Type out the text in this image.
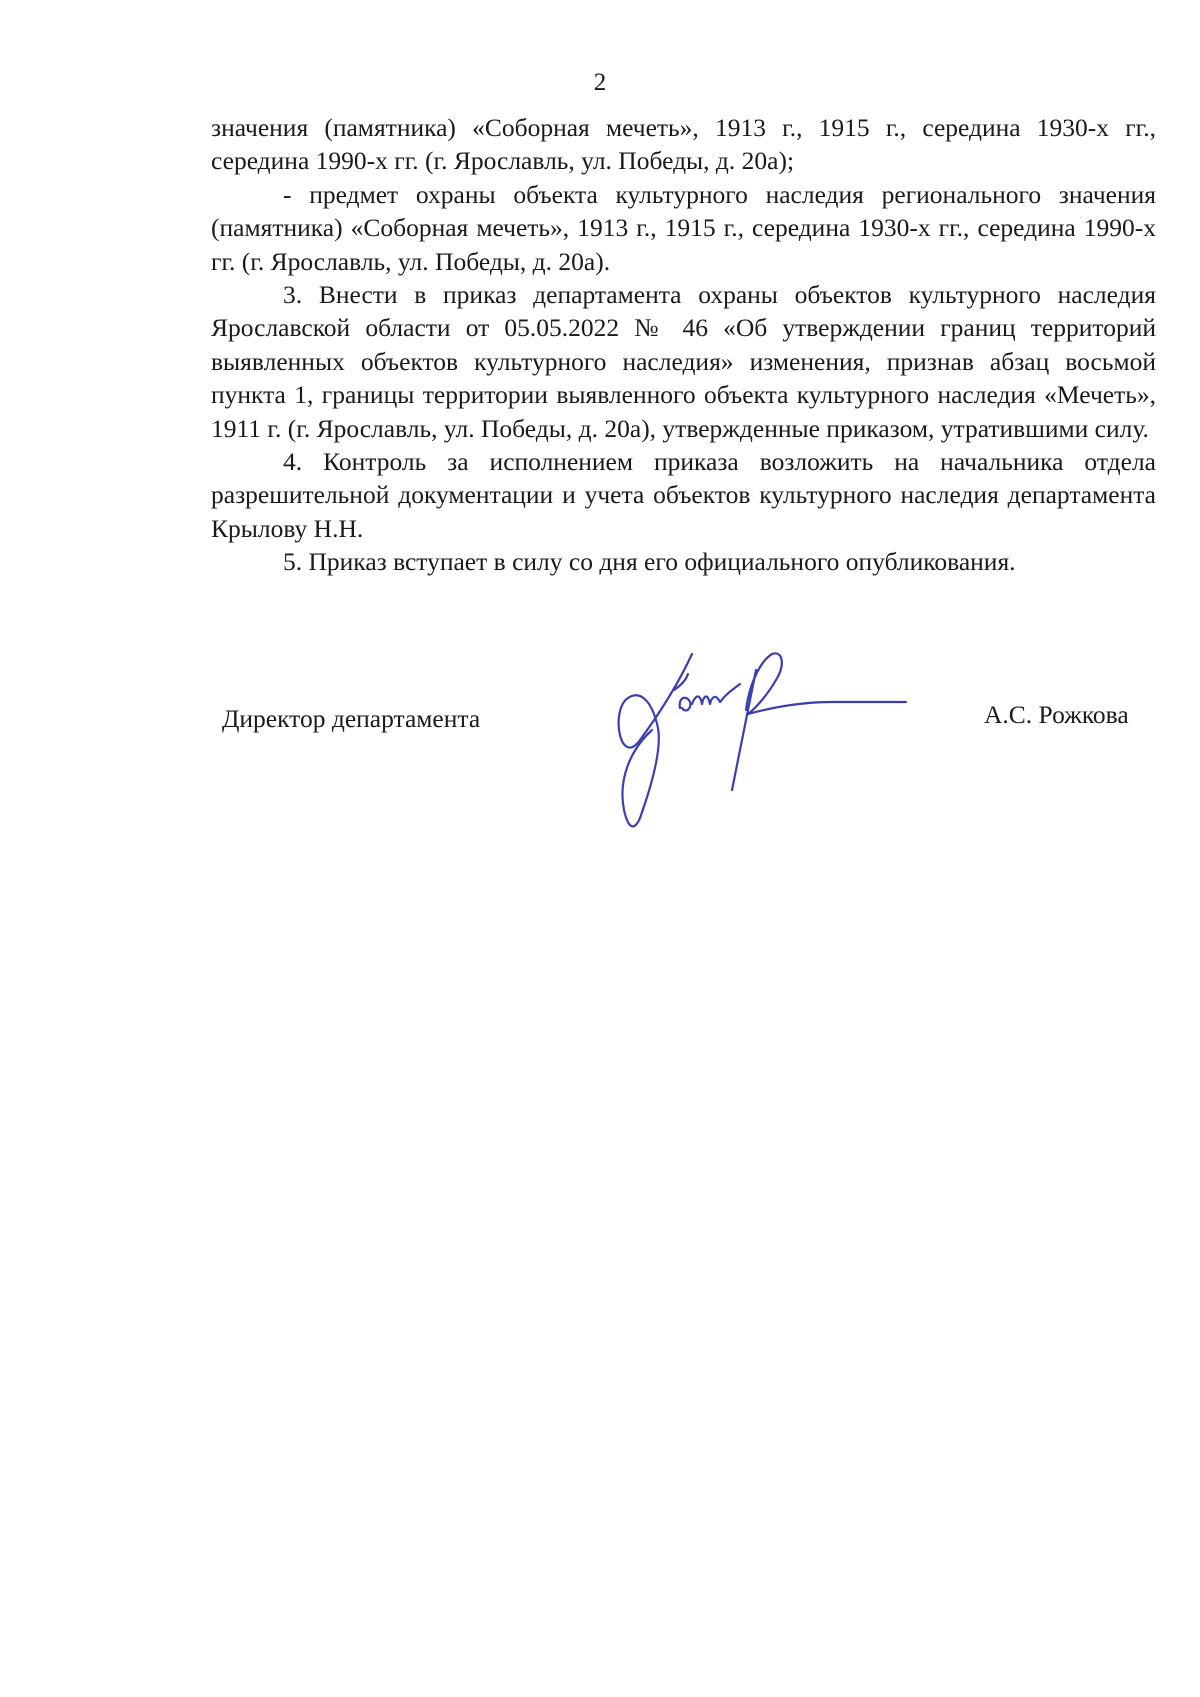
2

значения (памятника) «Соборная мечеть», 1913 г., 1915 г., середина 1930-х гг., середина 1990-х гг. (г. Ярославль, ул. Победы, д. 20а);

- предмет охраны объекта культурного наследия регионального значения (памятника) «Соборная мечеть», 1913 г., 1915 г., середина 1930-х гг., середина 1990-х гг. (г. Ярославль, ул. Победы, д. 20а).

3. Внести в приказ департамента охраны объектов культурного наследия Ярославской области от 05.05.2022 № 46 «Об утверждении границ территорий выявленных объектов культурного наследия» изменения, признав абзац восьмой пункта 1, границы территории выявленного объекта культурного наследия «Мечеть», 1911 г. (г. Ярославль, ул. Победы, д. 20а), утвержденные приказом, утратившими силу.

4. Контроль за исполнением приказа возложить на начальника отдела разрешительной документации и учета объектов культурного наследия департамента Крылову Н.Н.

5. Приказ вступает в силу со дня его официального опубликования.

Директор департамента	А.С. Рожкова
